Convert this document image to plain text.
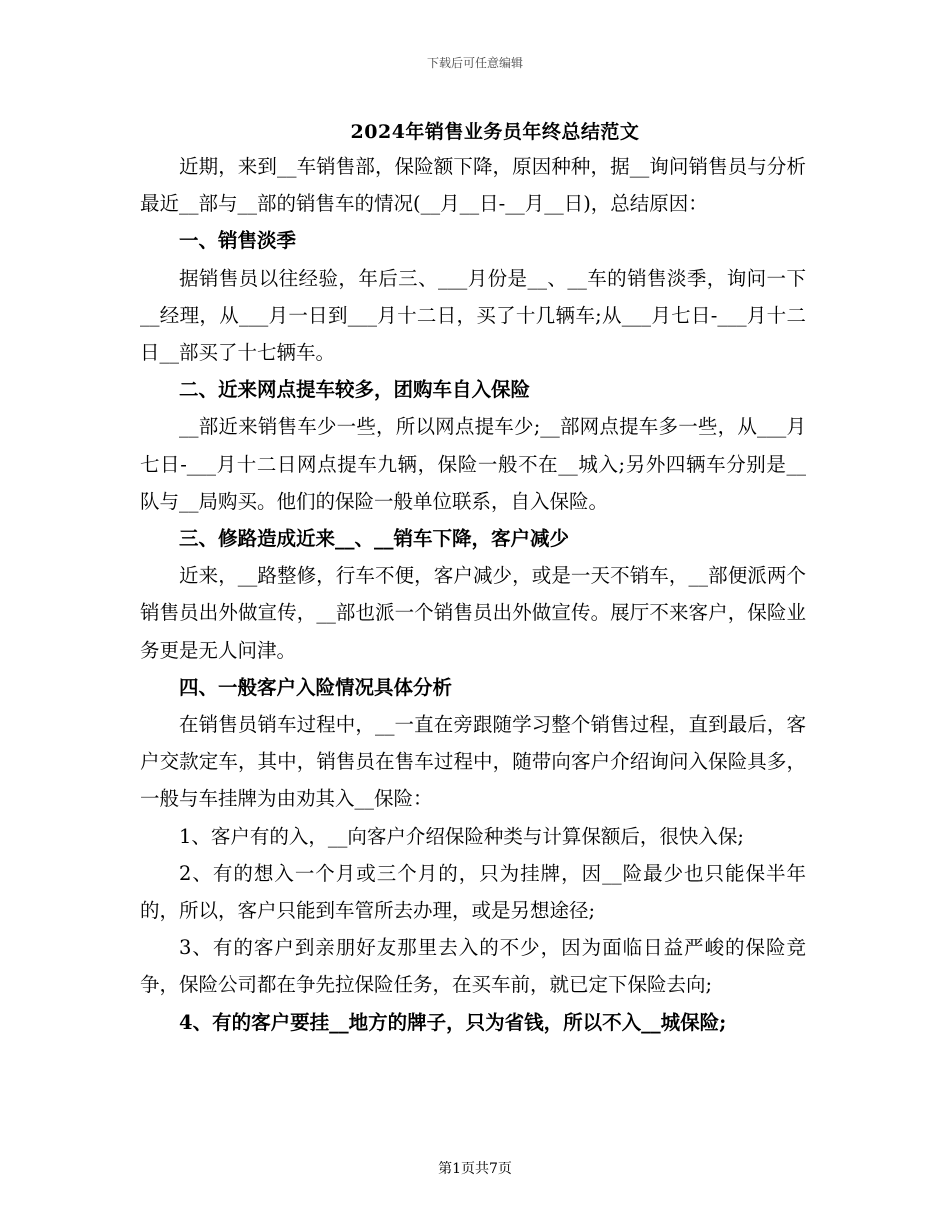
下载后可任意编辑
2024年销售业务员年终总结范文

近期，来到__车销售部，保险额下降，原因种种，据__询问销售员与分析最近__部与__部的销售车的情况(__月__日-__月__日)，总结原因：

一、销售淡季

据销售员以往经验，年后三、___月份是__、__车的销售淡季，询问一下__经理，从___月一日到___月十二日，买了十几辆车;从___月七日-___月十二日__部买了十七辆车。

二、近来网点提车较多，团购车自入保险

__部近来销售车少一些，所以网点提车少;__部网点提车多一些，从___月七日-___月十二日网点提车九辆，保险一般不在__城入;另外四辆车分别是__队与__局购买。他们的保险一般单位联系，自入保险。

三、修路造成近来__、__销车下降，客户减少

近来，__路整修，行车不便，客户减少，或是一天不销车，__部便派两个销售员出外做宣传，__部也派一个销售员出外做宣传。展厅不来客户，保险业务更是无人问津。

四、一般客户入险情况具体分析

在销售员销车过程中，__一直在旁跟随学习整个销售过程，直到最后，客户交款定车，其中，销售员在售车过程中，随带向客户介绍询问入保险具多，一般与车挂牌为由劝其入__保险：

1、客户有的入，__向客户介绍保险种类与计算保额后，很快入保;

2、有的想入一个月或三个月的，只为挂牌，因__险最少也只能保半年的，所以，客户只能到车管所去办理，或是另想途径;

3、有的客户到亲朋好友那里去入的不少，因为面临日益严峻的保险竞争，保险公司都在争先拉保险任务，在买车前，就已定下保险去向;

4、有的客户要挂__地方的牌子，只为省钱，所以不入__城保险;

第1页共7页
